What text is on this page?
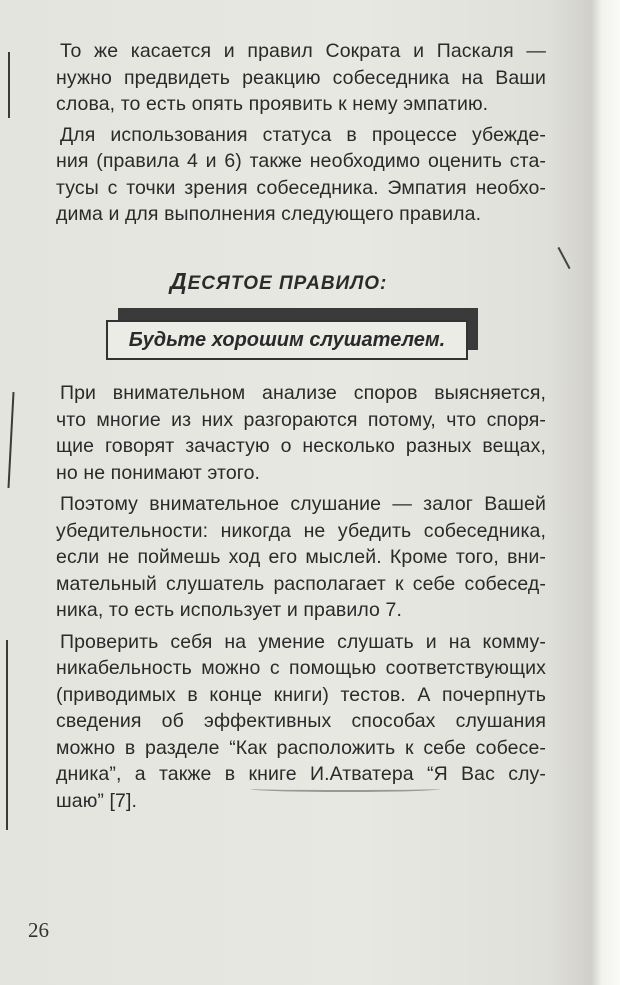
То же касается и правил Сократа и Паскаля —
нужно предвидеть реакцию собеседника на Ваши
слова, то есть опять проявить к нему эмпатию.

Для использования статуса в процессе убежде-
ния (правила 4 и 6) также необходимо оценить ста-
тусы с точки зрения собеседника. Эмпатия необхо-
дима и для выполнения следующего правила.

ДЕСЯТОЕ ПРАВИЛО:
Будьте хорошим слушателем.

При внимательном анализе споров выясняется,
что многие из них разгораются потому, что споря-
щие говорят зачастую о несколько разных вещах,
но не понимают этого.

Поэтому внимательное слушание — залог Вашей
убедительности: никогда не убедить собеседника,
если не поймешь ход его мыслей. Кроме того, вни-
мательный слушатель располагает к себе собесед-
ника, то есть использует и правило 7.

Проверить себя на умение слушать и на комму-
никабельность можно с помощью соответствующих
(приводимых в конце книги) тестов. А почерпнуть
сведения об эффективных способах слушания
можно в разделе “Как расположить к себе собесе-
дника”, а также в книге И.Атватера “Я Вас слу-
шаю” [7].

26
